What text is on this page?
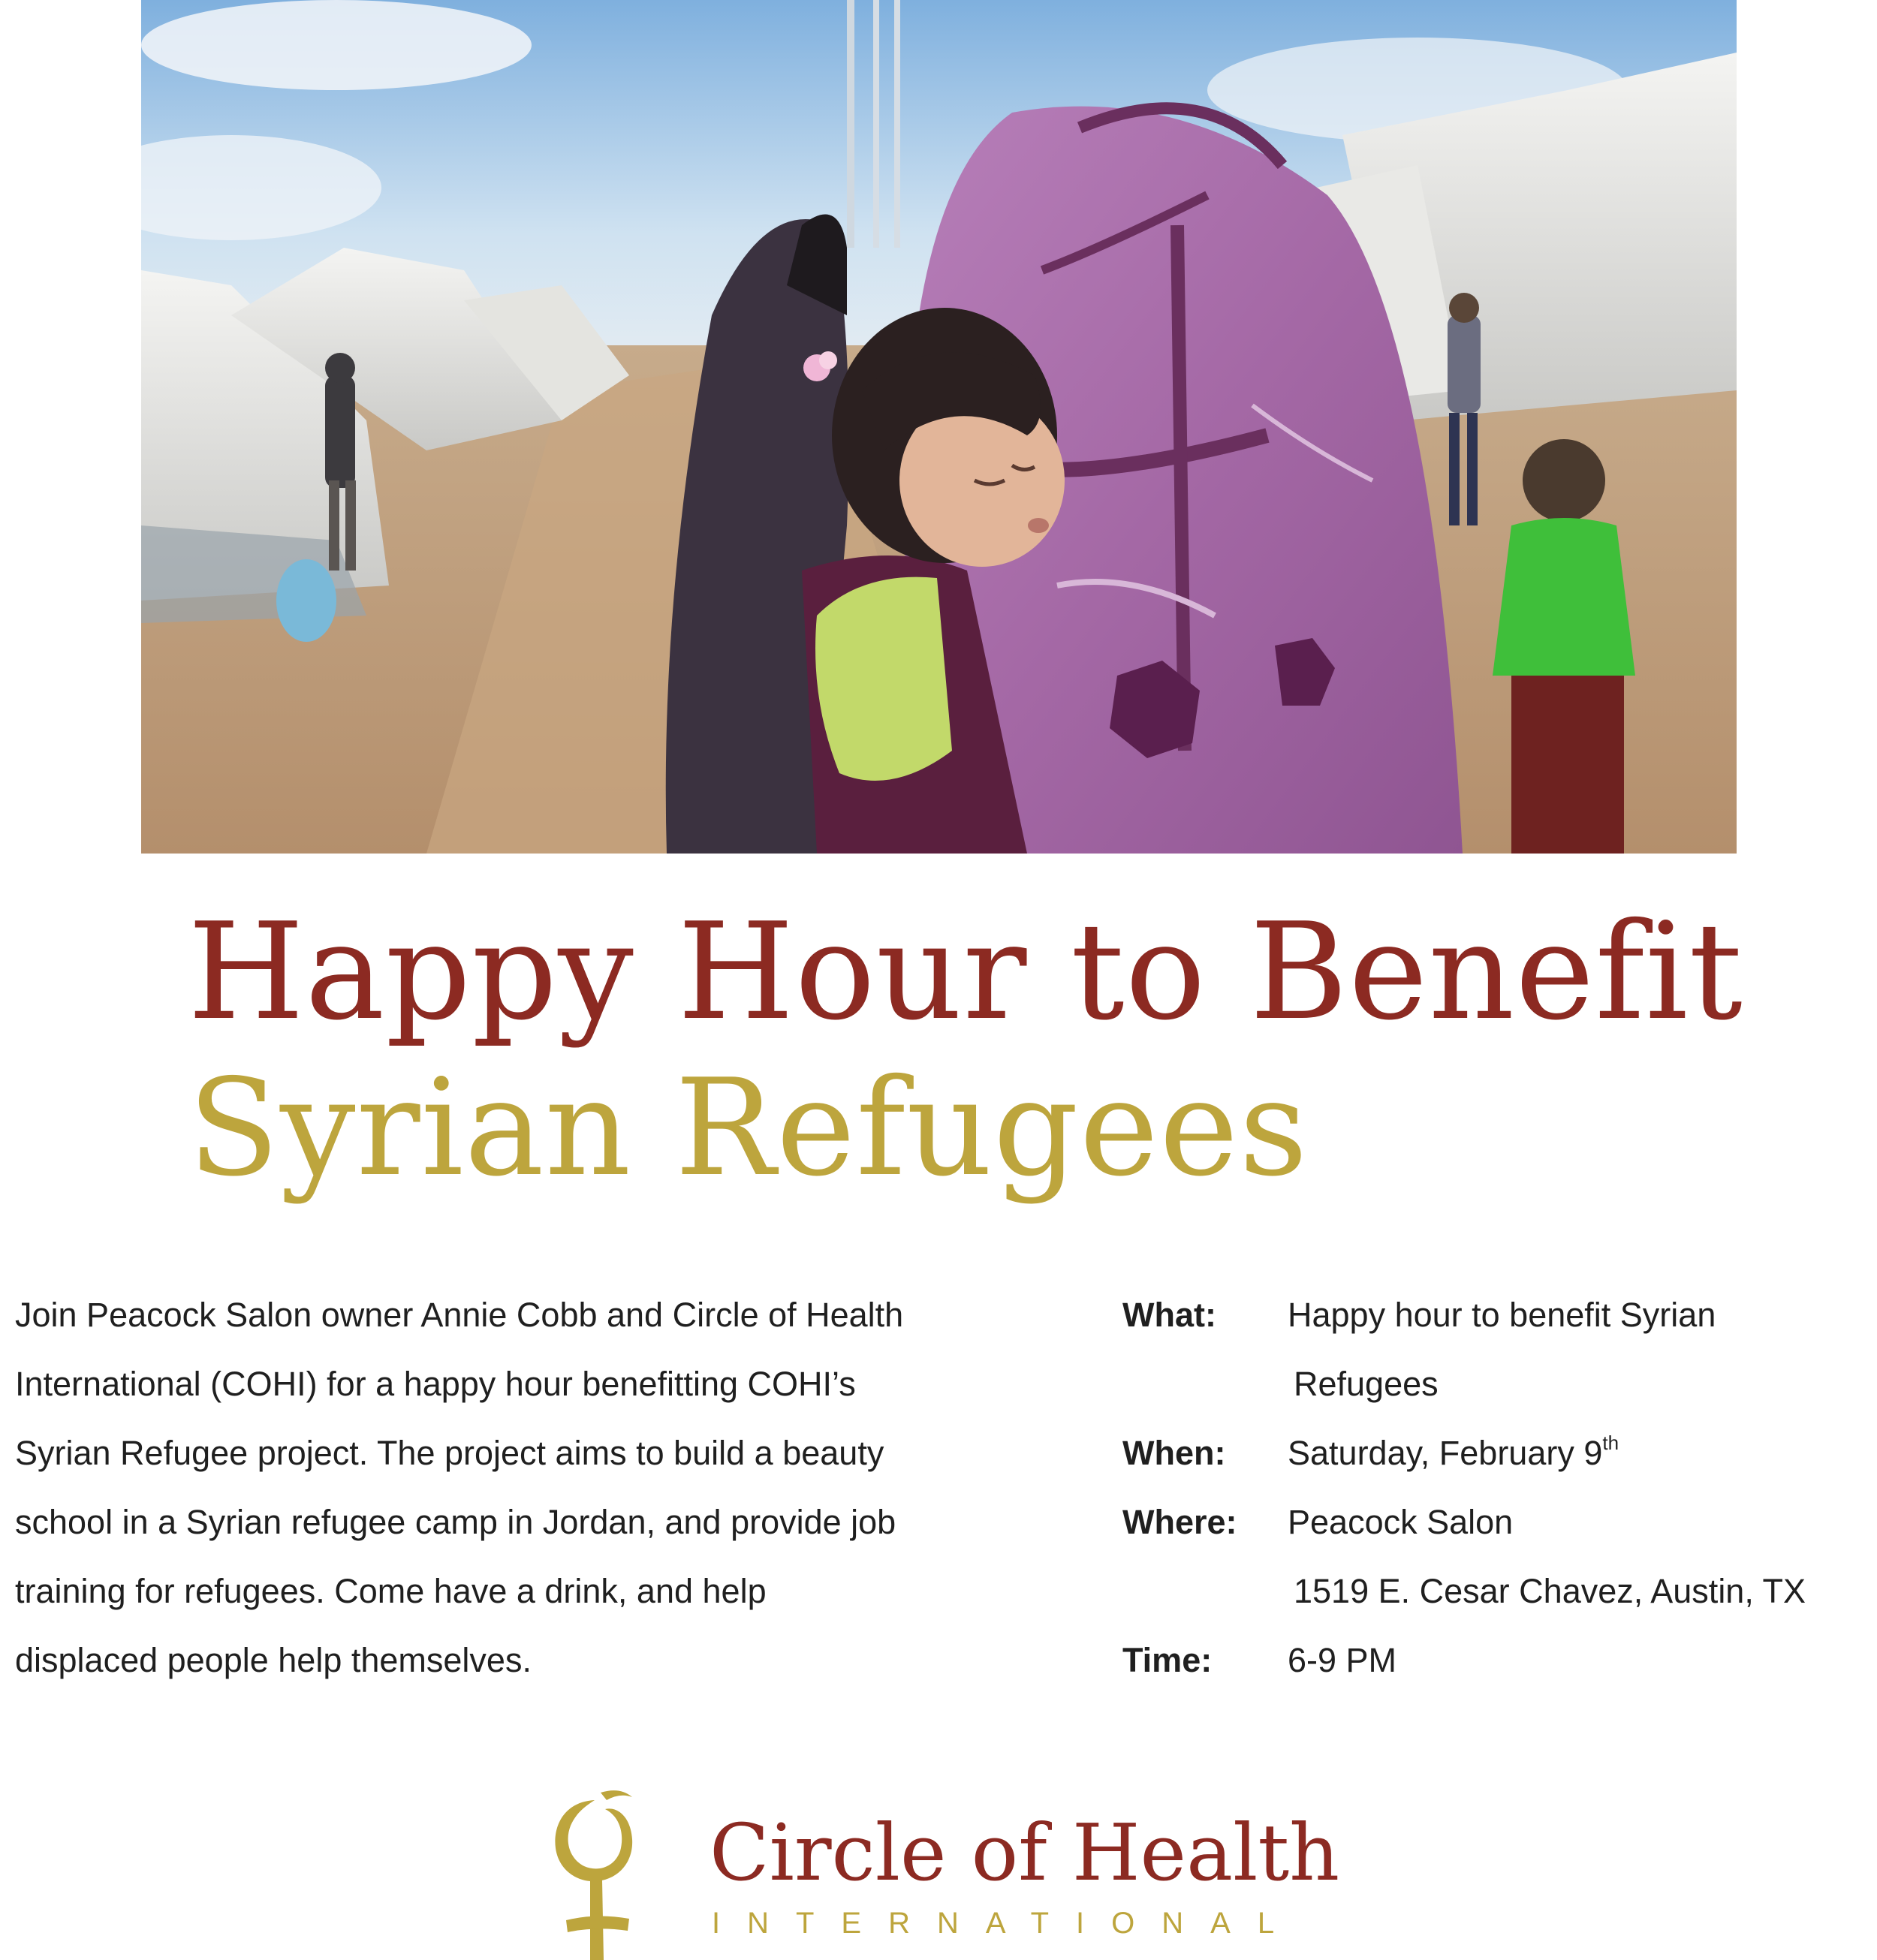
Happy Hour to Benefit
Syrian Refugees
Join Peacock Salon owner Annie Cobb and Circle of Health
International (COHI) for a happy hour benefitting COHI’s
Syrian Refugee project. The project aims to build a beauty
school in a Syrian refugee camp in Jordan, and provide job
training for refugees. Come have a drink, and help
displaced people help themselves.
What: Happy hour to benefit Syrian
Refugees
When: Saturday, February 9th
Where: Peacock Salon
1519 E. Cesar Chavez, Austin, TX
Time: 6-9 PM
Circle of Health
INTERNATIONAL
